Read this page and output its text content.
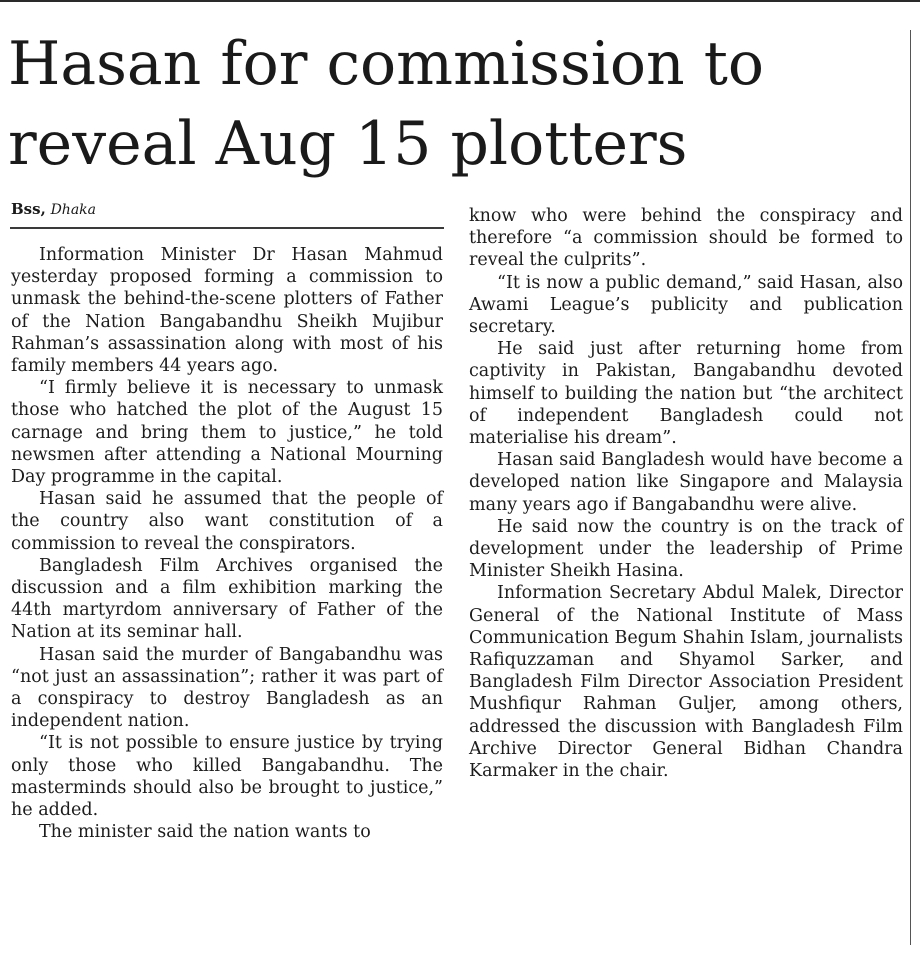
Hasan for commission to reveal Aug 15 plotters
Bss, Dhaka

Information Minister Dr Hasan Mahmud yesterday proposed forming a commission to unmask the behind-the-scene plotters of Father of the Nation Bangabandhu Sheikh Mujibur Rahman’s assassination along with most of his family members 44 years ago.

“I firmly believe it is necessary to unmask those who hatched the plot of the August 15 carnage and bring them to justice,” he told newsmen after attending a National Mourning Day programme in the capital.

Hasan said he assumed that the people of the country also want constitution of a commission to reveal the conspirators.

Bangladesh Film Archives organised the discussion and a film exhibition marking the 44th martyrdom anniversary of Father of the Nation at its seminar hall.

Hasan said the murder of Bangabandhu was “not just an assassination”; rather it was part of a conspiracy to destroy Bangladesh as an independent nation.

“It is not possible to ensure justice by trying only those who killed Bangabandhu. The masterminds should also be brought to justice,” he added.

The minister said the nation wants to

know who were behind the conspiracy and therefore “a commission should be formed to reveal the culprits”.

“It is now a public demand,” said Hasan, also Awami League’s publicity and publication secretary.

He said just after returning home from captivity in Pakistan, Bangabandhu devoted himself to building the nation but “the architect of independent Bangladesh could not materialise his dream”.

Hasan said Bangladesh would have become a developed nation like Singapore and Malaysia many years ago if Bangabandhu were alive.

He said now the country is on the track of development under the leadership of Prime Minister Sheikh Hasina.

Information Secretary Abdul Malek, Director General of the National Institute of Mass Communication Begum Shahin Islam, journalists Rafiquzzaman and Shyamol Sarker, and Bangladesh Film Director Association President Mushfiqur Rahman Guljer, among others, addressed the discussion with Bangladesh Film Archive Director General Bidhan Chandra Karmaker in the chair.
